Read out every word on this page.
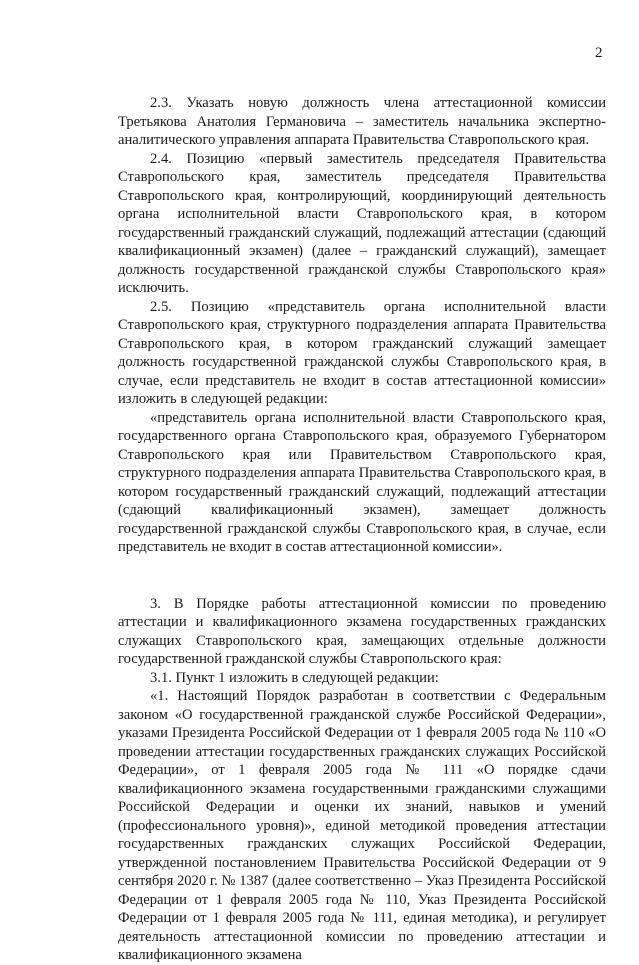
2

2.3. Указать новую должность члена аттестационной комиссии Третьякова Анатолия Германовича – заместитель начальника экспертно-аналитического управления аппарата Правительства Ставропольского края.

2.4. Позицию «первый заместитель председателя Правительства Ставропольского края, заместитель председателя Правительства Ставропольского края, контролирующий, координирующий деятельность органа исполнительной власти Ставропольского края, в котором государственный гражданский служащий, подлежащий аттестации (сдающий квалификационный экзамен) (далее – гражданский служащий), замещает должность государственной гражданской службы Ставропольского края» исключить.

2.5. Позицию «представитель органа исполнительной власти Ставропольского края, структурного подразделения аппарата Правительства Ставропольского края, в котором гражданский служащий замещает должность государственной гражданской службы Ставропольского края, в случае, если представитель не входит в состав аттестационной комиссии» изложить в следующей редакции:

«представитель органа исполнительной власти Ставропольского края, государственного органа Ставропольского края, образуемого Губернатором Ставропольского края или Правительством Ставропольского края, структурного подразделения аппарата Правительства Ставропольского края, в котором государственный гражданский служащий, подлежащий аттестации (сдающий квалификационный экзамен), замещает должность государственной гражданской службы Ставропольского края, в случае, если представитель не входит в состав аттестационной комиссии».

3. В Порядке работы аттестационной комиссии по проведению аттестации и квалификационного экзамена государственных гражданских служащих Ставропольского края, замещающих отдельные должности государственной гражданской службы Ставропольского края:

3.1. Пункт 1 изложить в следующей редакции:

«1. Настоящий Порядок разработан в соответствии с Федеральным законом «О государственной гражданской службе Российской Федерации», указами Президента Российской Федерации от 1 февраля 2005 года № 110 «О проведении аттестации государственных гражданских служащих Российской Федерации», от 1 февраля 2005 года № 111 «О порядке сдачи квалификационного экзамена государственными гражданскими служащими Российской Федерации и оценки их знаний, навыков и умений (профессионального уровня)», единой методикой проведения аттестации государственных гражданских служащих Российской Федерации, утвержденной постановлением Правительства Российской Федерации от 9 сентября 2020 г. № 1387 (далее соответственно – Указ Президента Российской Федерации от 1 февраля 2005 года № 110, Указ Президента Российской Федерации от 1 февраля 2005 года № 111, единая методика), и регулирует деятельность аттестационной комиссии по проведению аттестации и квалификационного экзамена
